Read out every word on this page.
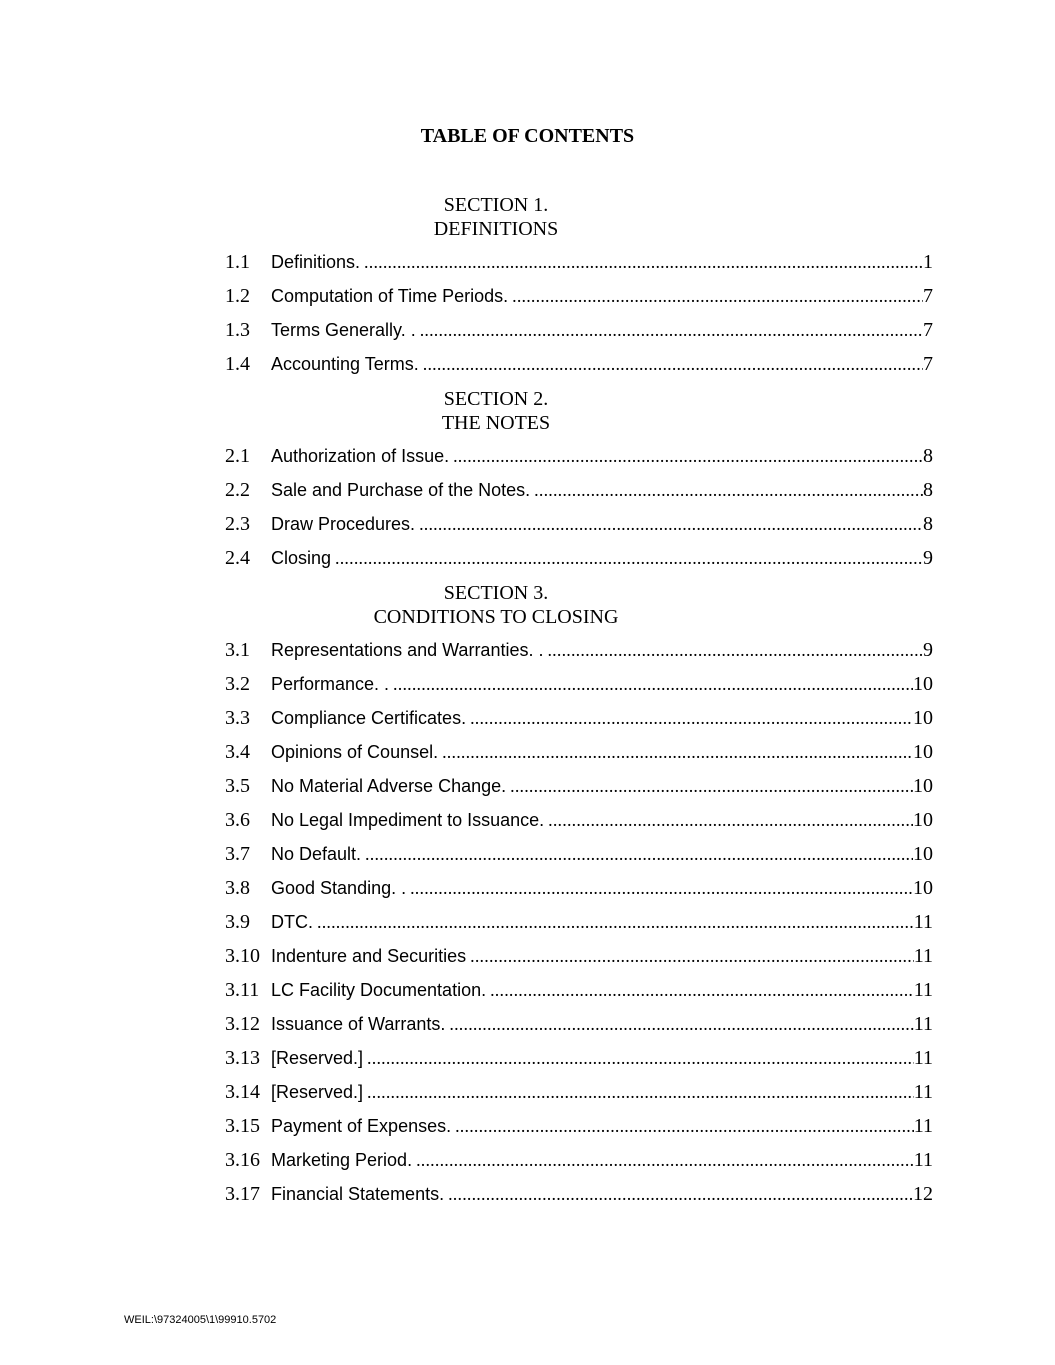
TABLE OF CONTENTS
SECTION 1.
DEFINITIONS
1.1	Definitions. .....	1
1.2	Computation of Time Periods. .....	7
1.3	Terms Generally. . .....	7
1.4	Accounting Terms. .....	7
SECTION 2.
THE NOTES
2.1	Authorization of Issue. .....	8
2.2	Sale and Purchase of the Notes. .....	8
2.3	Draw Procedures. .....	8
2.4	Closing .....	9
SECTION 3.
CONDITIONS TO CLOSING
3.1	Representations and Warranties. . .....	9
3.2	Performance. . .....	10
3.3	Compliance Certificates. .....	10
3.4	Opinions of Counsel. .....	10
3.5	No Material Adverse Change. .....	10
3.6	No Legal Impediment to Issuance. .....	10
3.7	No Default. .....	10
3.8	Good Standing. . .....	10
3.9	DTC. .....	11
3.10 Indenture and Securities .....	11
3.11 LC Facility Documentation. .....	11
3.12 Issuance of Warrants. .....	11
3.13 [Reserved.] .....	11
3.14 [Reserved.] .....	11
3.15 Payment of Expenses. .....	11
3.16 Marketing Period. .....	11
3.17 Financial Statements. .....	12
WEIL:\97324005\1\99910.5702
